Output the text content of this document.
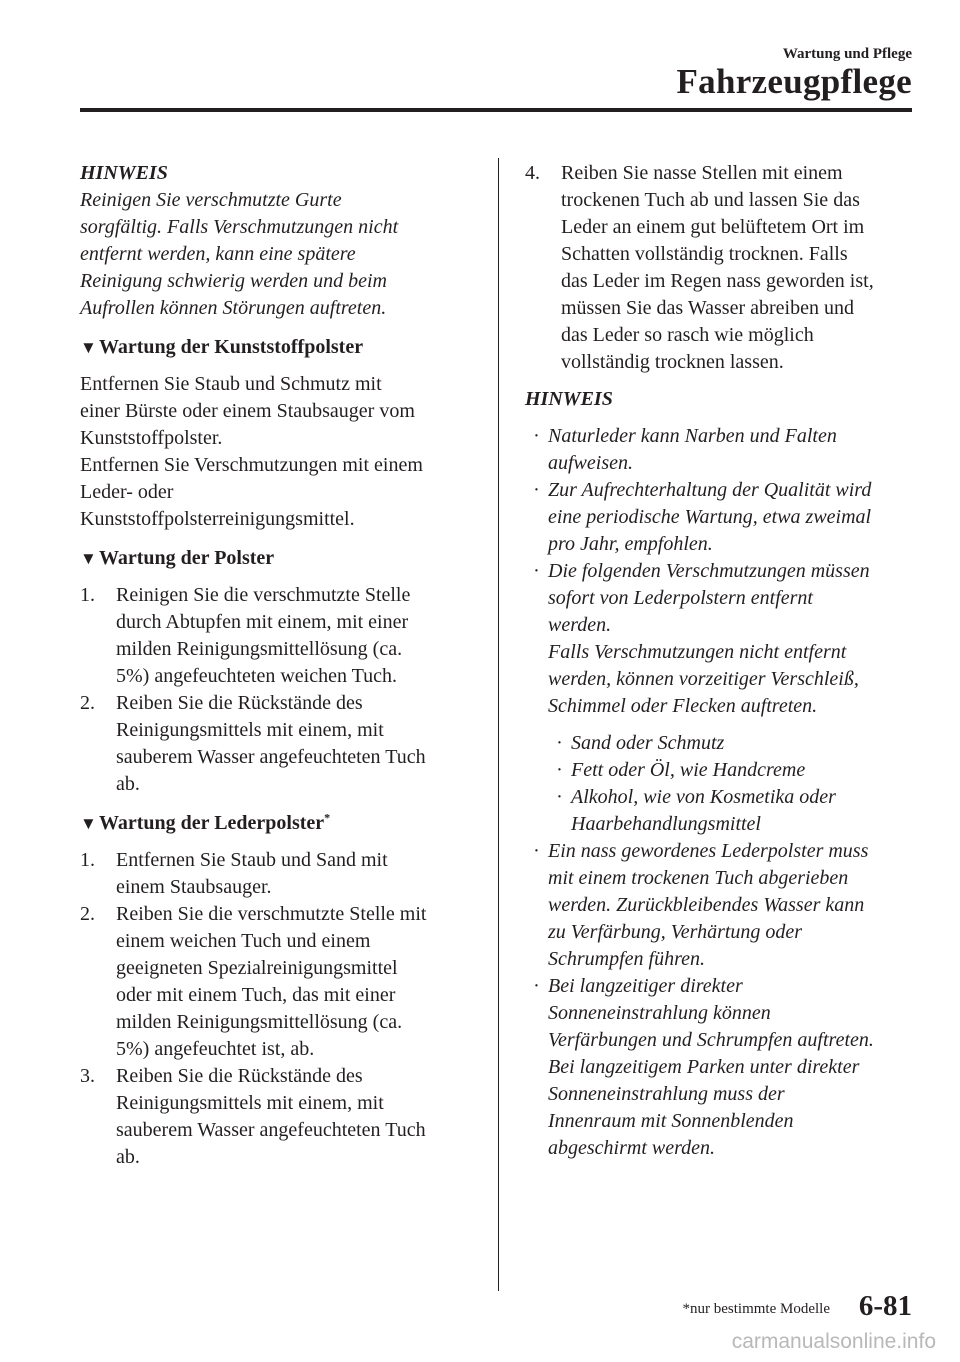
Wartung und Pflege
Fahrzeugpflege
HINWEIS
Reinigen Sie verschmutzte Gurte
sorgfältig. Falls Verschmutzungen nicht
entfernt werden, kann eine spätere
Reinigung schwierig werden und beim
Aufrollen können Störungen auftreten.
▼ Wartung der Kunststoffpolster
Entfernen Sie Staub und Schmutz mit
einer Bürste oder einem Staubsauger vom
Kunststoffpolster.
Entfernen Sie Verschmutzungen mit einem
Leder- oder
Kunststoffpolsterreinigungsmittel.
▼ Wartung der Polster
1.	Reinigen Sie die verschmutzte Stelle
durch Abtupfen mit einem, mit einer
milden Reinigungsmittellösung (ca.
5%) angefeuchteten weichen Tuch.
2.	Reiben Sie die Rückstände des
Reinigungsmittels mit einem, mit
sauberem Wasser angefeuchteten Tuch
ab.
▼ Wartung der Lederpolster*
1.	Entfernen Sie Staub und Sand mit
einem Staubsauger.
2.	Reiben Sie die verschmutzte Stelle mit
einem weichen Tuch und einem
geeigneten Spezialreinigungsmittel
oder mit einem Tuch, das mit einer
milden Reinigungsmittellösung (ca.
5%) angefeuchtet ist, ab.
3.	Reiben Sie die Rückstände des
Reinigungsmittels mit einem, mit
sauberem Wasser angefeuchteten Tuch
ab.
4.	Reiben Sie nasse Stellen mit einem
trockenen Tuch ab und lassen Sie das
Leder an einem gut belüftetem Ort im
Schatten vollständig trocknen. Falls
das Leder im Regen nass geworden ist,
müssen Sie das Wasser abreiben und
das Leder so rasch wie möglich
vollständig trocknen lassen.
HINWEIS
· Naturleder kann Narben und Falten
aufweisen.
· Zur Aufrechterhaltung der Qualität wird
eine periodische Wartung, etwa zweimal
pro Jahr, empfohlen.
· Die folgenden Verschmutzungen müssen
sofort von Lederpolstern entfernt
werden.
Falls Verschmutzungen nicht entfernt
werden, können vorzeitiger Verschleiß,
Schimmel oder Flecken auftreten.
· Sand oder Schmutz
· Fett oder Öl, wie Handcreme
· Alkohol, wie von Kosmetika oder
Haarbehandlungsmittel
· Ein nass gewordenes Lederpolster muss
mit einem trockenen Tuch abgerieben
werden. Zurückbleibendes Wasser kann
zu Verfärbung, Verhärtung oder
Schrumpfen führen.
· Bei langzeitiger direkter
Sonneneinstrahlung können
Verfärbungen und Schrumpfen auftreten.
Bei langzeitigem Parken unter direkter
Sonneneinstrahlung muss der
Innenraum mit Sonnenblenden
abgeschirmt werden.
*nur bestimmte Modelle 6-81
carmanualsonline.info
